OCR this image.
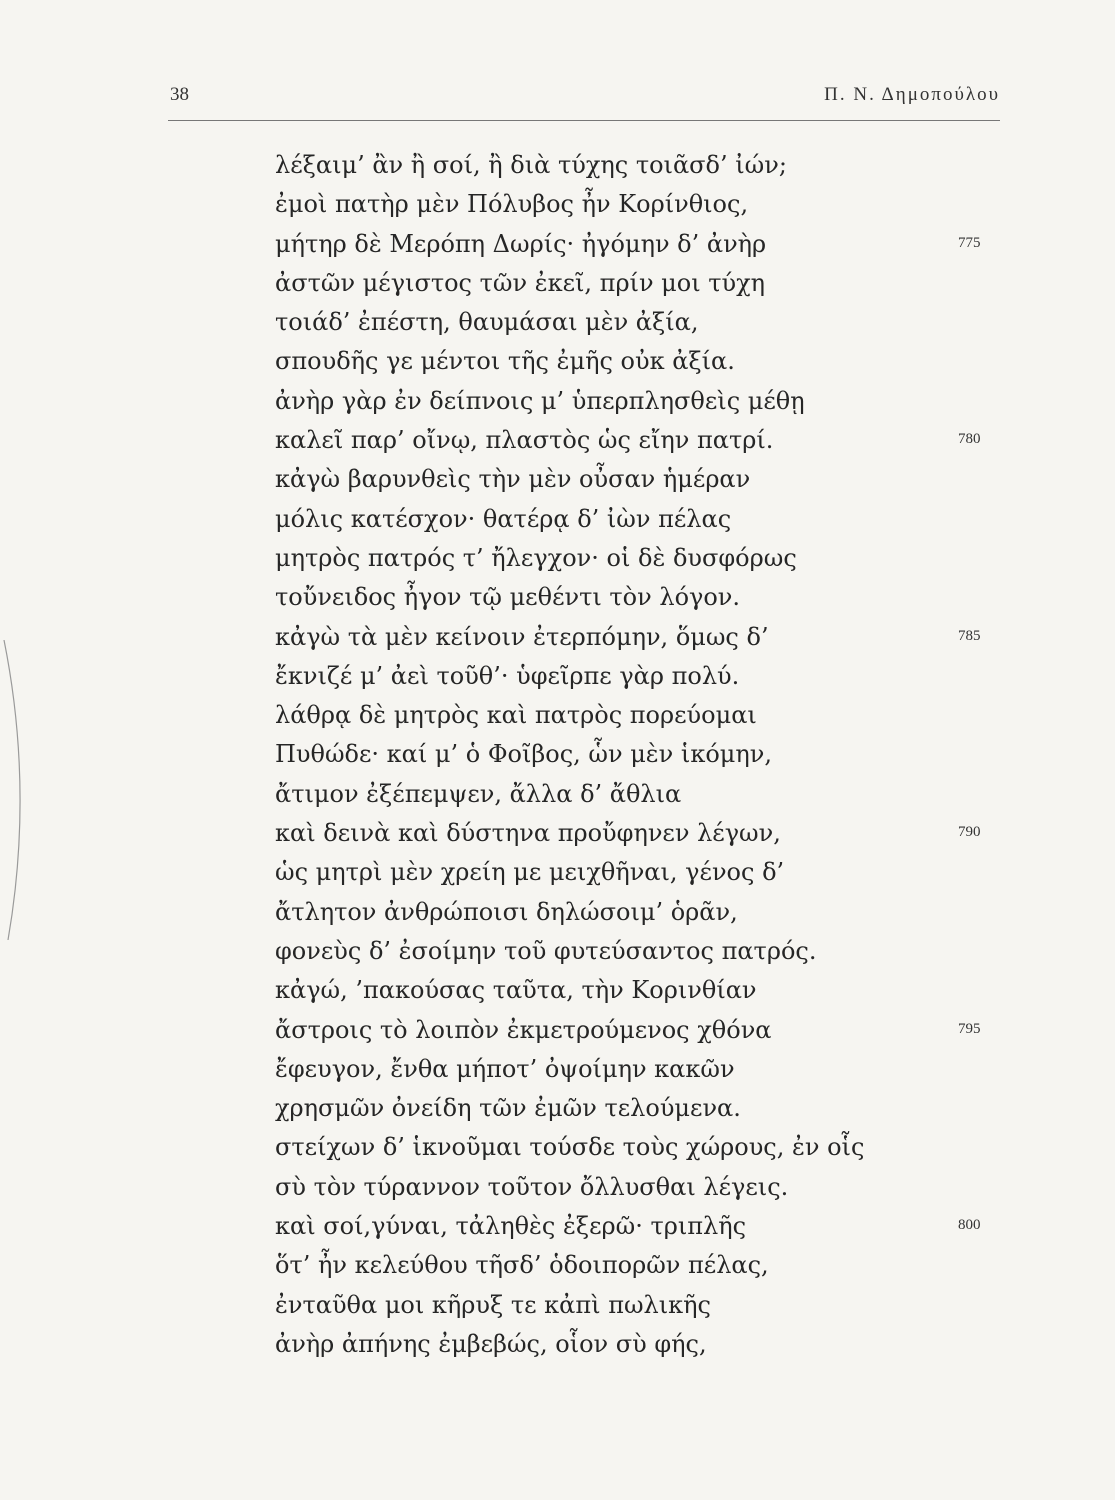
38	Π. Ν. Δημοπούλου
λέξαιμ’ ἂν ἢ σοί, ἢ διὰ τύχης τοιᾶσδ’ ἰών;
ἐμοὶ πατὴρ μὲν Πόλυβος ἦν Κορίνθιος,
μήτηρ δὲ Μερόπη Δωρίς· ἠγόμην δ’ ἀνὴρ
ἀστῶν μέγιστος τῶν ἐκεῖ, πρίν μοι τύχη
τοιάδ’ ἐπέστη, θαυμάσαι μὲν ἀξία,
σπουδῆς γε μέντοι τῆς ἐμῆς οὐκ ἀξία.
ἀνὴρ γὰρ ἐν δείπνοις μ’ ὑπερπλησθεὶς μέθῃ
καλεῖ παρ’ οἴνῳ, πλαστὸς ὡς εἴην πατρί.
κἀγὼ βαρυνθεὶς τὴν μὲν οὖσαν ἡμέραν
μόλις κατέσχον· θατέρᾳ δ’ ἰὼν πέλας
μητρὸς πατρός τ’ ἤλεγχον· οἱ δὲ δυσφόρως
τοὔνειδος ἦγον τῷ μεθέντι τὸν λόγον.
κἀγὼ τὰ μὲν κείνοιν ἐτερπόμην, ὅμως δ’
ἔκνιζέ μ’ ἀεὶ τοῦθ’· ὑφεῖρπε γὰρ πολύ.
λάθρᾳ δὲ μητρὸς καὶ πατρὸς πορεύομαι
Πυθώδε· καί μ’ ὁ Φοῖβος, ὧν μὲν ἱκόμην,
ἄτιμον ἐξέπεμψεν, ἄλλα δ’ ἄθλια
καὶ δεινὰ καὶ δύστηνα προὔφηνεν λέγων,
ὡς μητρὶ μὲν χρείη με μειχθῆναι, γένος δ’
ἄτλητον ἀνθρώποισι δηλώσοιμ’ ὁρᾶν,
φονεὺς δ’ ἐσοίμην τοῦ φυτεύσαντος πατρός.
κἀγώ, ’πακούσας ταῦτα, τὴν Κορινθίαν
ἄστροις τὸ λοιπὸν ἐκμετρούμενος χθόνα
ἔφευγον, ἔνθα μήποτ’ ὀψοίμην κακῶν
χρησμῶν ὀνείδη τῶν ἐμῶν τελούμενα.
στείχων δ’ ἱκνοῦμαι τούσδε τοὺς χώρους, ἐν οἷς
σὺ τὸν τύραννον τοῦτον ὄλλυσθαι λέγεις.
καὶ σοί,γύναι, τἀληθὲς ἐξερῶ· τριπλῆς
ὅτ’ ἦν κελεύθου τῆσδ’ ὁδοιπορῶν πέλας,
ἐνταῦθα μοι κῆρυξ τε κἀπὶ πωλικῆς
ἀνὴρ ἀπήνης ἐμβεβώς, οἷον σὺ φής,
775
780
785
790
795
800
